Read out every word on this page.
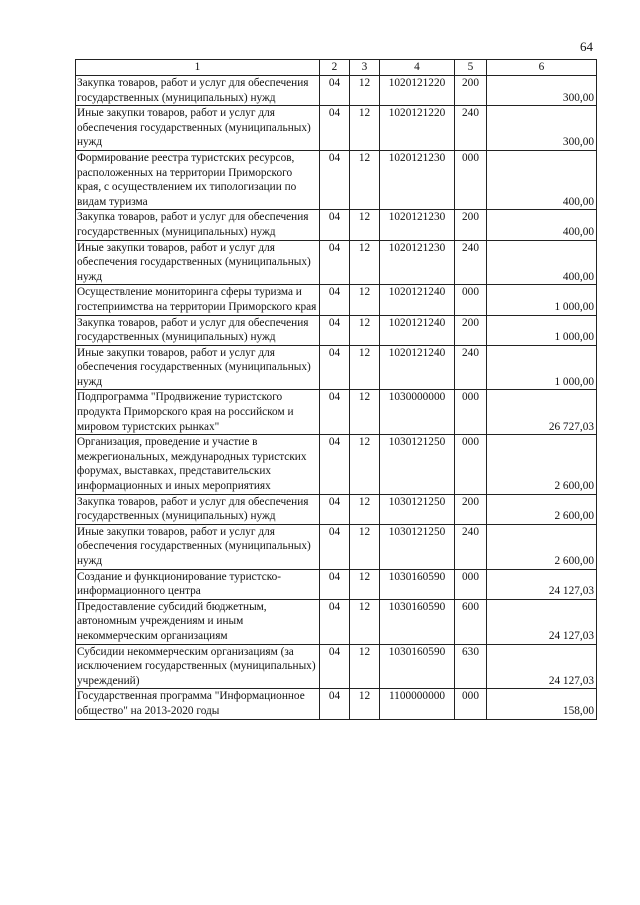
64
1	2	3	4	5	6
Закупка товаров, работ и услуг для обеспечения государственных (муниципальных) нужд	04	12	1020121220	200	300,00
Иные закупки товаров, работ и услуг для обеспечения государственных (муниципальных) нужд	04	12	1020121220	240	300,00
Формирование реестра туристских ресурсов, расположенных на территории Приморского края, с осуществлением их типологизации по видам туризма	04	12	1020121230	000	400,00
Закупка товаров, работ и услуг для обеспечения государственных (муниципальных) нужд	04	12	1020121230	200	400,00
Иные закупки товаров, работ и услуг для обеспечения государственных (муниципальных) нужд	04	12	1020121230	240	400,00
Осуществление мониторинга сферы туризма и гостеприимства на территории Приморского края	04	12	1020121240	000	1 000,00
Закупка товаров, работ и услуг для обеспечения государственных (муниципальных) нужд	04	12	1020121240	200	1 000,00
Иные закупки товаров, работ и услуг для обеспечения государственных (муниципальных) нужд	04	12	1020121240	240	1 000,00
Подпрограмма "Продвижение туристского продукта Приморского края на российском и мировом туристских рынках"	04	12	1030000000	000	26 727,03
Организация, проведение и участие в межрегиональных, международных туристских форумах, выставках, представительских информационных и иных мероприятиях	04	12	1030121250	000	2 600,00
Закупка товаров, работ и услуг для обеспечения государственных (муниципальных) нужд	04	12	1030121250	200	2 600,00
Иные закупки товаров, работ и услуг для обеспечения государственных (муниципальных) нужд	04	12	1030121250	240	2 600,00
Создание и функционирование туристско-информационного центра	04	12	1030160590	000	24 127,03
Предоставление субсидий бюджетным, автономным учреждениям и иным некоммерческим организациям	04	12	1030160590	600	24 127,03
Субсидии некоммерческим организациям (за исключением государственных (муниципальных) учреждений)	04	12	1030160590	630	24 127,03
Государственная программа "Информационное общество" на 2013-2020 годы	04	12	1100000000	000	158,00
